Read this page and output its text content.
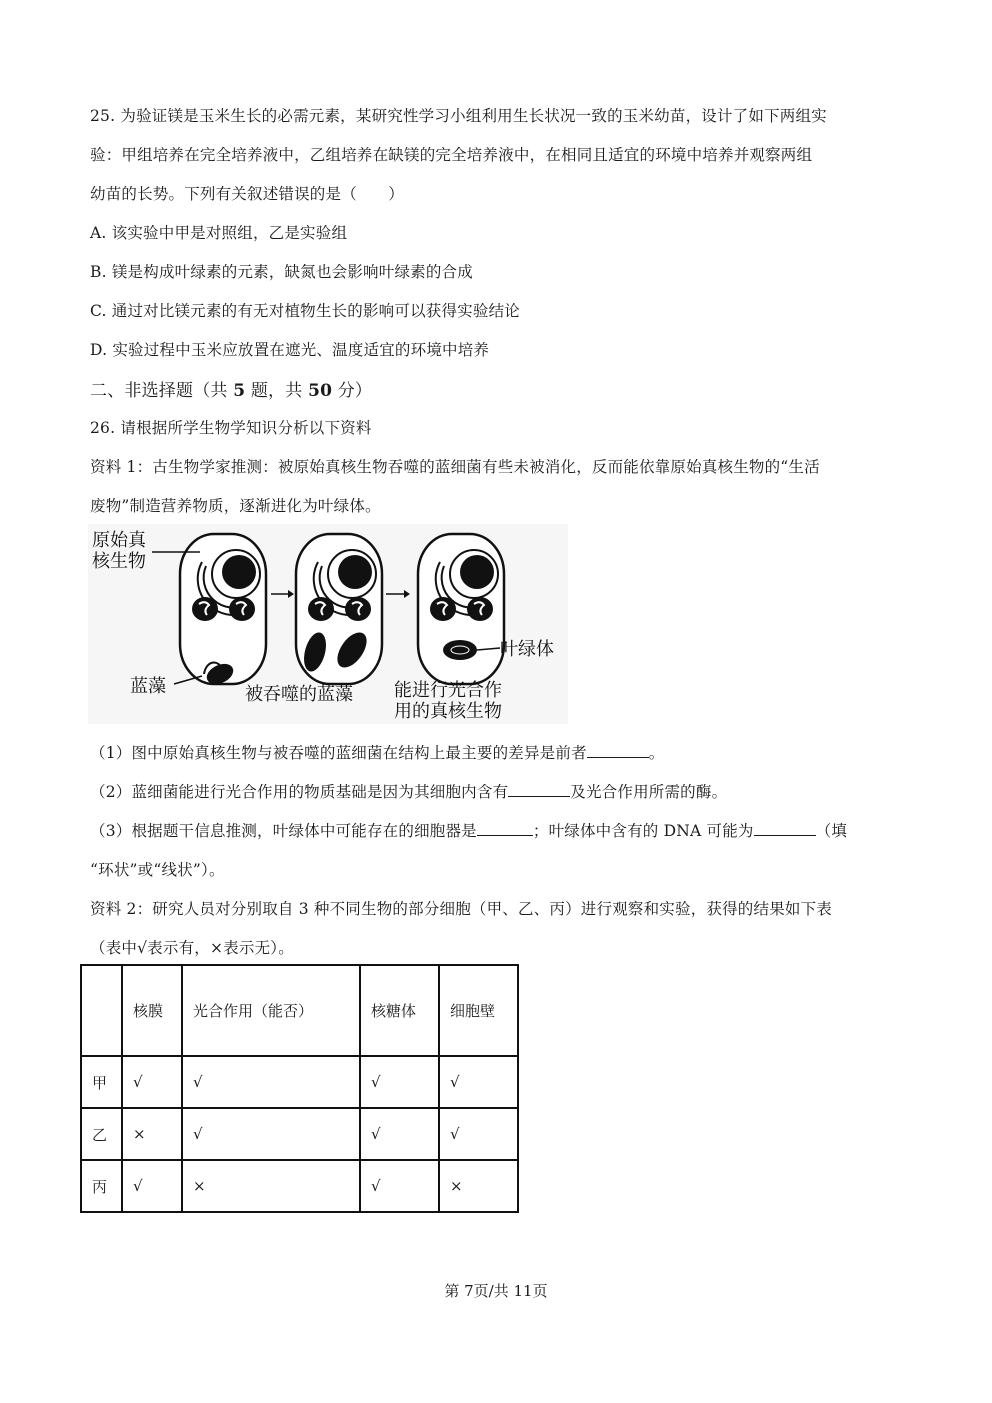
25. 为验证镁是玉米生长的必需元素，某研究性学习小组利用生长状况一致的玉米幼苗，设计了如下两组实
验：甲组培养在完全培养液中，乙组培养在缺镁的完全培养液中，在相同且适宜的环境中培养并观察两组
幼苗的长势。下列有关叙述错误的是（　　）
A. 该实验中甲是对照组，乙是实验组
B. 镁是构成叶绿素的元素，缺氮也会影响叶绿素的合成
C. 通过对比镁元素的有无对植物生长的影响可以获得实验结论
D. 实验过程中玉米应放置在遮光、温度适宜的环境中培养
二、非选择题（共 5 题，共 50 分）
26. 请根据所学生物学知识分析以下资料
资料 1：古生物学家推测：被原始真核生物吞噬的蓝细菌有些未被消化，反而能依靠原始真核生物的“生活
废物”制造营养物质，逐渐进化为叶绿体。
原始真
核生物
蓝藻	被吞噬的蓝藻
叶绿体
能进行光合作
用的真核生物
（1）图中原始真核生物与被吞噬的蓝细菌在结构上最主要的差异是前者	。
（2）蓝细菌能进行光合作用的物质基础是因为其细胞内含有	及光合作用所需的酶。
（3）根据题干信息推测，叶绿体中可能存在的细胞器是	；叶绿体中含有的 DNA 可能为	（填
“环状”或“线状”）。
资料 2：研究人员对分别取自 3 种不同生物的部分细胞（甲、乙、丙）进行观察和实验，获得的结果如下表
（表中√表示有，×表示无）。
	核膜	光合作用（能否）	核糖体	细胞壁
甲	√	√	√	√
乙	×	√	√	√
丙	√	×	√	×
第 7页/共 11页
